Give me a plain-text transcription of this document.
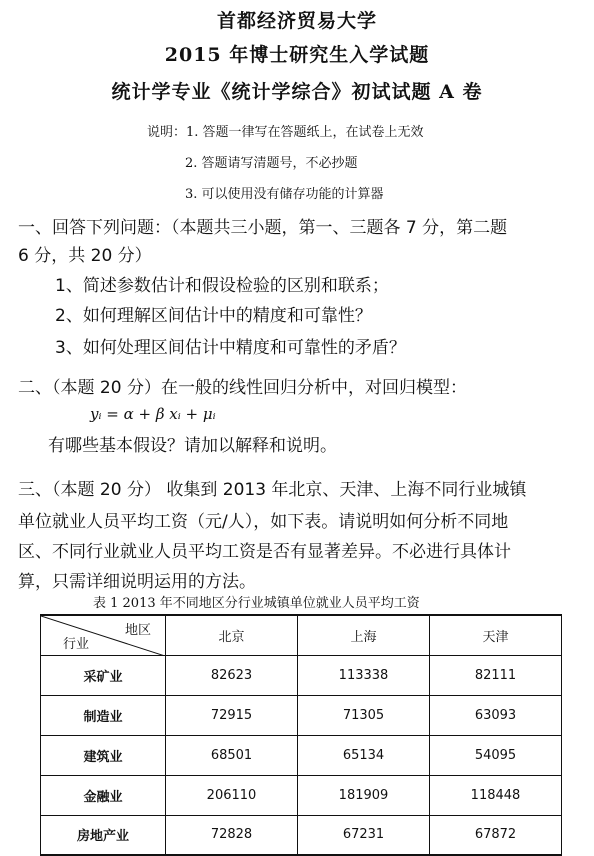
首都经济贸易大学
2015 年博士研究生入学试题
统计学专业《统计学综合》初试试题 A 卷
说明：1. 答题一律写在答题纸上，在试卷上无效
2. 答题请写清题号，不必抄题
3. 可以使用没有储存功能的计算器
一、回答下列问题：（本题共三小题，第一、三题各 7 分，第二题
6 分，共 20 分）
1、简述参数估计和假设检验的区别和联系；
2、如何理解区间估计中的精度和可靠性？
3、如何处理区间估计中精度和可靠性的矛盾？
二、（本题 20 分）在一般的线性回归分析中，对回归模型：
yᵢ = α + β xᵢ + μᵢ
有哪些基本假设？请加以解释和说明。
三、（本题 20 分） 收集到 2013 年北京、天津、上海不同行业城镇
单位就业人员平均工资（元/人），如下表。请说明如何分析不同地
区、不同行业就业人员平均工资是否有显著差异。不必进行具体计
算，只需详细说明运用的方法。
表 1 2013 年不同地区分行业城镇单位就业人员平均工资
地区
行业	北京	上海	天津
采矿业	82623	113338	82111
制造业	72915	71305	63093
建筑业	68501	65134	54095
金融业	206110	181909	118448
房地产业	72828	67231	67872
